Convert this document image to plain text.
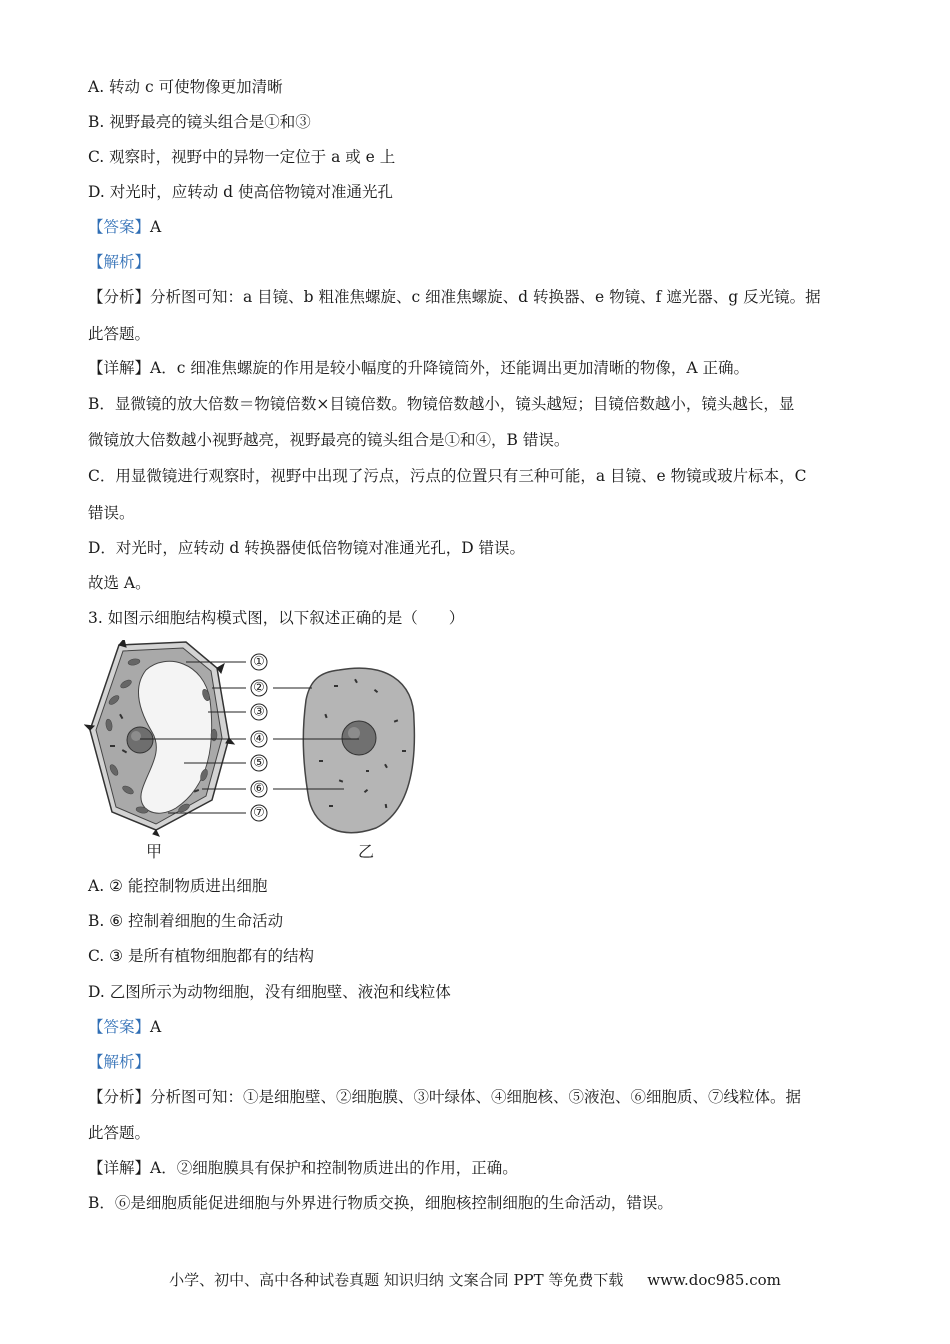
A. 转动 c 可使物像更加清晰
B. 视野最亮的镜头组合是①和③
C. 观察时，视野中的异物一定位于 a 或 e 上
D. 对光时，应转动 d 使高倍物镜对准通光孔
【答案】A
【解析】
【分析】分析图可知：a 目镜、b 粗准焦螺旋、c 细准焦螺旋、d 转换器、e 物镜、f 遮光器、g 反光镜。据
此答题。
【详解】A．c 细准焦螺旋的作用是较小幅度的升降镜筒外，还能调出更加清晰的物像，A 正确。
B．显微镜的放大倍数＝物镜倍数×目镜倍数。物镜倍数越小，镜头越短；目镜倍数越小，镜头越长，显
微镜放大倍数越小视野越亮，视野最亮的镜头组合是①和④，B 错误。
C．用显微镜进行观察时，视野中出现了污点，污点的位置只有三种可能，a 目镜、e 物镜或玻片标本，C
错误。
D．对光时，应转动 d 转换器使低倍物镜对准通光孔，D 错误。
故选 A。
3. 如图示细胞结构模式图，以下叙述正确的是（　　）
①
②
③
④
⑤
⑥
⑦
甲	乙
A. ② 能控制物质进出细胞
B. ⑥ 控制着细胞的生命活动
C. ③ 是所有植物细胞都有的结构
D. 乙图所示为动物细胞，没有细胞壁、液泡和线粒体
【答案】A
【解析】
【分析】分析图可知：①是细胞壁、②细胞膜、③叶绿体、④细胞核、⑤液泡、⑥细胞质、⑦线粒体。据
此答题。
【详解】A．②细胞膜具有保护和控制物质进出的作用，正确。
B．⑥是细胞质能促进细胞与外界进行物质交换，细胞核控制细胞的生命活动，错误。
小学、初中、高中各种试卷真题 知识归纳 文案合同 PPT 等免费下载 www.doc985.com
